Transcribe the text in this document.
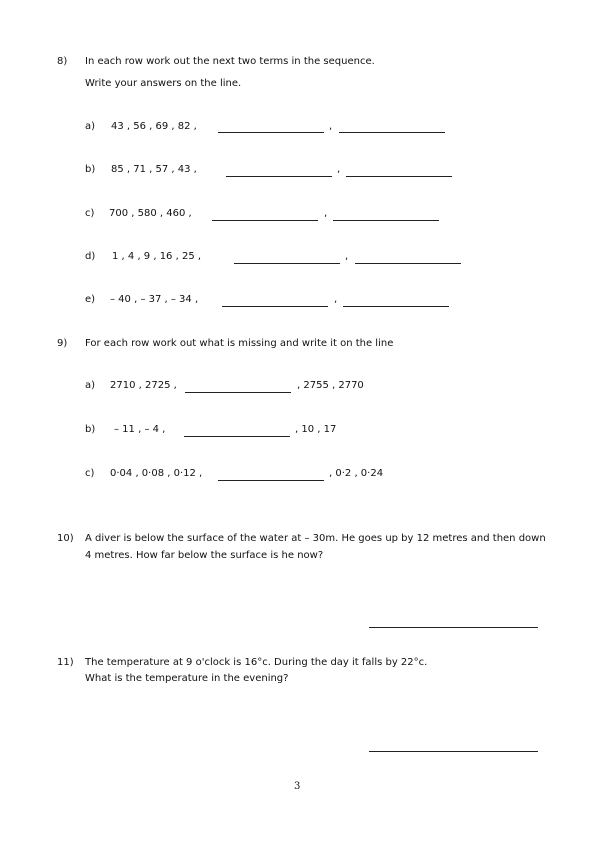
8) In each row work out the next two terms in the sequence.
Write your answers on the line.
a) 43 , 56 , 69 , 82 ,	,
b) 85 , 71 , 57 , 43 ,	,
c) 700 , 580 , 460 ,	,
d) 1 , 4 , 9 , 16 , 25 ,	,
e) – 40 , – 37 , – 34 ,	,
9) For each row work out what is missing and write it on the line
a) 2710 , 2725 ,	, 2755 , 2770
b) – 11 , – 4 ,	, 10 , 17
c) 0·04 , 0·08 , 0·12 ,	, 0·2 , 0·24
10) A diver is below the surface of the water at – 30m. He goes up by 12 metres and then down
4 metres. How far below the surface is he now?
11) The temperature at 9 o'clock is 16°c. During the day it falls by 22°c.
What is the temperature in the evening?
3
